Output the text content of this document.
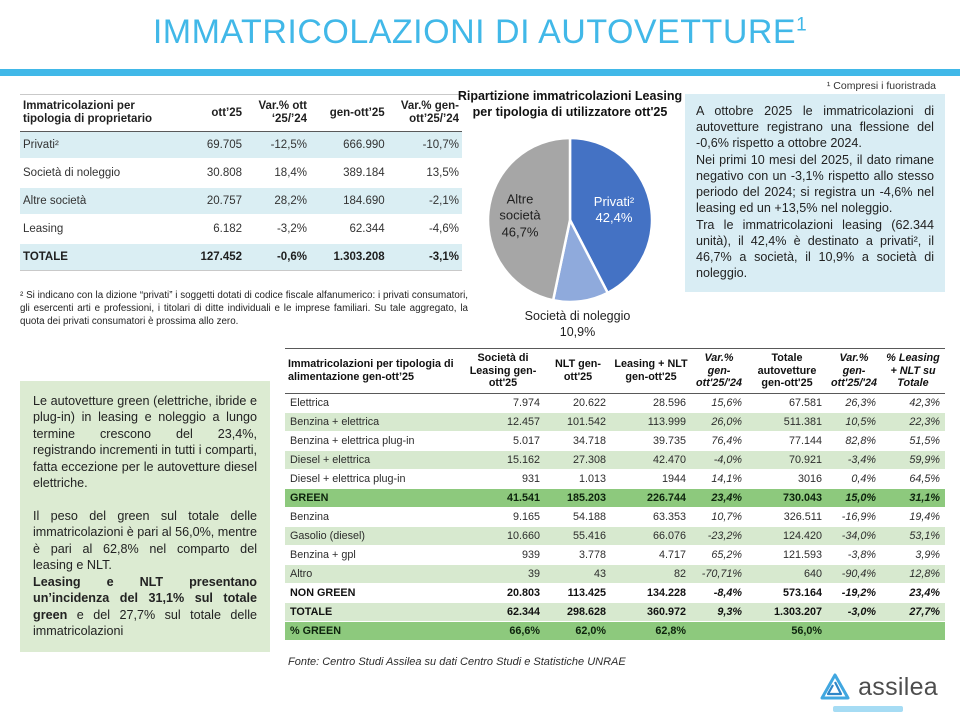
IMMATRICOLAZIONI DI AUTOVETTURE$^1$
¹ Compresi i fuoristrada
Immatricolazioni per tipologia di proprietario	ott’25	Var.% ott ‘25/’24	gen-ott’25	Var.% gen-ott’25/’24
Privati²	69.705	-12,5%	666.990	-10,7%
Società di noleggio	30.808	18,4%	389.184	13,5%
Altre società	20.757	28,2%	184.690	-2,1%
Leasing	6.182	-3,2%	62.344	-4,6%
TOTALE	127.452	-0,6%	1.303.208	-3,1%
² Si indicano con la dizione “privati” i soggetti dotati di codice fiscale alfanumerico: i privati consumatori, gli esercenti arti e professioni, i titolari di ditte individuali e le imprese familiari. Su tale aggregato, la quota dei privati consumatori è prossima allo zero.
Ripartizione immatricolazioni Leasing per tipologia di utilizzatore ott'25
Privati²
42,4%
Altre società
46,7%
Società di noleggio
10,9%

A ottobre 2025 le immatricolazioni di autovetture registrano una flessione del -0,6% rispetto a ottobre 2024.

Nei primi 10 mesi del 2025, il dato rimane negativo con un -3,1% rispetto allo stesso periodo del 2024; si registra un -4,6% nel leasing ed un +13,5% nel noleggio.

Tra le immatricolazioni leasing (62.344 unità), il 42,4% è destinato a privati², il 46,7% a società, il 10,9% a società di noleggio.

Le autovetture green (elettriche, ibride e plug-in) in leasing e noleggio a lungo termine crescono del 23,4%, registrando incrementi in tutti i comparti, fatta eccezione per le autovetture diesel elettriche.

Il peso del green sul totale delle immatricolazioni è pari al 56,0%, mentre è pari al 62,8% nel comparto del leasing e NLT.

Leasing e NLT presentano un’incidenza del 31,1% sul totale green e del 27,7% sul totale delle immatricolazioni

Immatricolazioni per tipologia di alimentazione gen-ott’25	Società di Leasing gen-ott'25	NLT gen-ott'25	Leasing + NLT gen-ott'25	Var.% gen-ott'25/'24	Totale autovetture gen-ott'25	Var.% gen-ott'25/'24	% Leasing + NLT su Totale
Elettrica	7.974	20.622	28.596	15,6%	67.581	26,3%	42,3%
Benzina + elettrica	12.457	101.542	113.999	26,0%	511.381	10,5%	22,3%
Benzina + elettrica plug-in	5.017	34.718	39.735	76,4%	77.144	82,8%	51,5%
Diesel + elettrica	15.162	27.308	42.470	-4,0%	70.921	-3,4%	59,9%
Diesel + elettrica plug-in	931	1.013	1944	14,1%	3016	0,4%	64,5%
GREEN	41.541	185.203	226.744	23,4%	730.043	15,0%	31,1%
Benzina	9.165	54.188	63.353	10,7%	326.511	-16,9%	19,4%
Gasolio (diesel)	10.660	55.416	66.076	-23,2%	124.420	-34,0%	53,1%
Benzina + gpl	939	3.778	4.717	65,2%	121.593	-3,8%	3,9%
Altro	39	43	82	-70,71%	640	-90,4%	12,8%
NON GREEN	20.803	113.425	134.228	-8,4%	573.164	-19,2%	23,4%
TOTALE	62.344	298.628	360.972	9,3%	1.303.207	-3,0%	27,7%
% GREEN	66,6%	62,0%	62,8%		56,0%		
Fonte: Centro Studi Assilea su dati Centro Studi e Statistiche UNRAE
assilea
